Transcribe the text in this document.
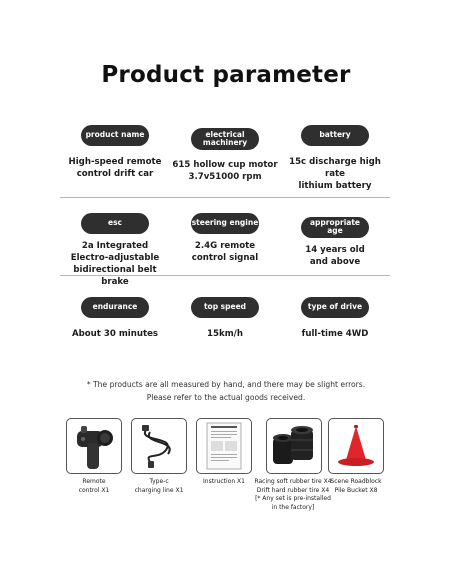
Product parameter
product name
High-speed remote
control drift car
electrical
machinery
615 hollow cup motor
3.7v51000 rpm
battery
15c discharge high rate
lithium battery
esc
2a Integrated
Electro-adjustable
bidirectional belt brake
steering engine
2.4G remote
control signal
appropriate age
14 years old
and above
endurance
About 30 minutes
top speed
15km/h
type of drive
full-time 4WD
* The products are all measured by hand, and there may be slight errors.
Please refer to the actual goods received.
Remote
control X1
Type-c
charging line X1
Instruction X1	Racing soft rubber tire X4
Drift hard rubber tire X4
[* Any set is pre-installed
in the factory]
Scene Roadblock
Pile Bucket X8
